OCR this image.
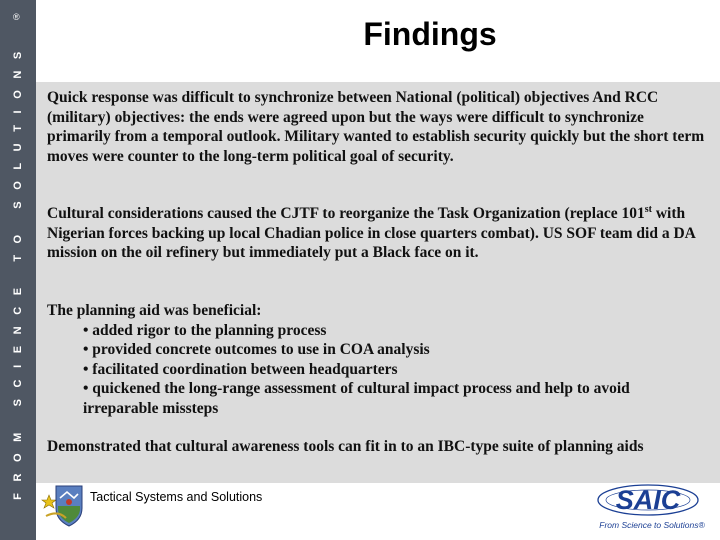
®
FROM SCIENCE TO SOLUTIONS
Findings

Quick response was difficult to synchronize between National (political) objectives And RCC (military) objectives: the ends were agreed upon but the ways were difficult to synchronize primarily from a temporal outlook. Military wanted to establish security quickly but the short term moves were counter to the long-term political goal of security.

Cultural considerations caused the CJTF to reorganize the Task Organization (replace 101st with Nigerian forces backing up local Chadian police in close quarters combat). US SOF team did a DA mission on the oil refinery but immediately put a Black face on it.

The planning aid was beneficial:
• added rigor to the planning process
• provided concrete outcomes to use in COA analysis
• facilitated coordination between headquarters
• quickened the long-range assessment of cultural impact process and help to avoid irreparable missteps

Demonstrated that cultural awareness tools can fit in to an IBC-type suite of planning aids

Tactical Systems and Solutions	SAIC
From Science to Solutions®
